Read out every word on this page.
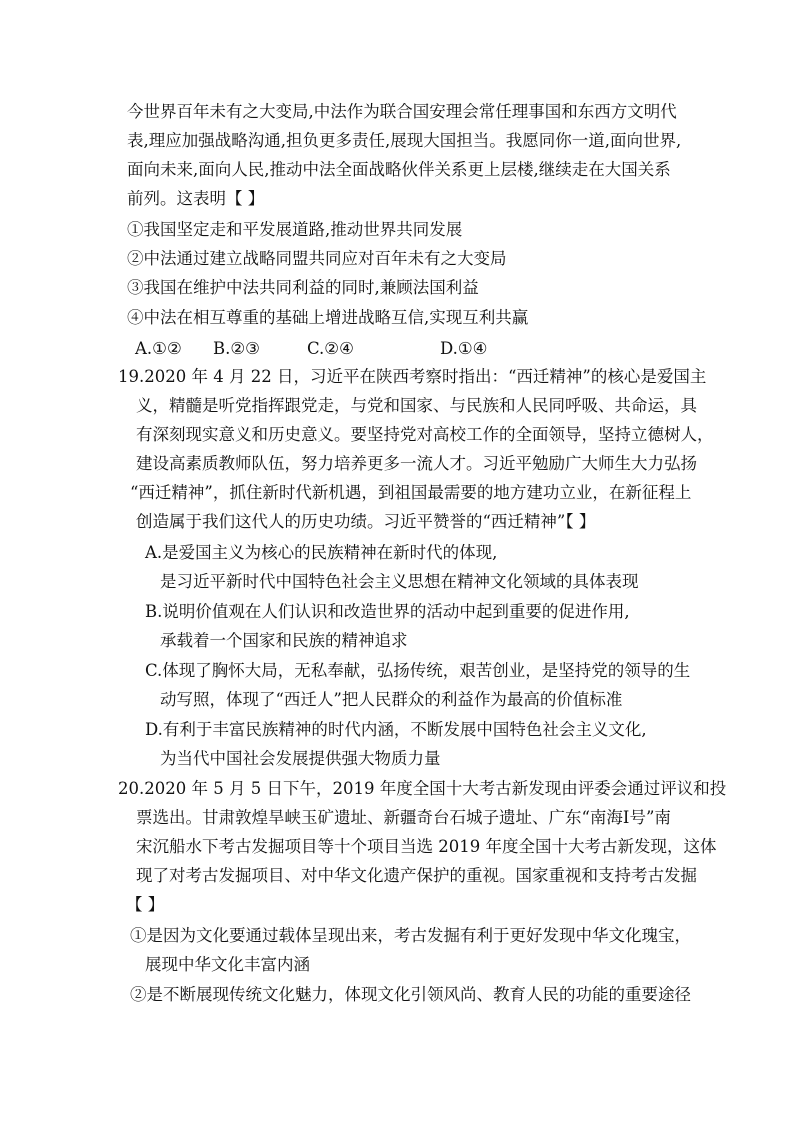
今世界百年未有之大变局,中法作为联合国安理会常任理事国和东西方文明代
表,理应加强战略沟通,担负更多责任,展现大国担当。我愿同你一道,面向世界,
面向未来,面向人民,推动中法全面战略伙伴关系更上层楼,继续走在大国关系
前列。这表明【 】
①我国坚定走和平发展道路,推动世界共同发展
②中法通过建立战略同盟共同应对百年未有之大变局
③我国在维护中法共同利益的同时,兼顾法国利益
④中法在相互尊重的基础上增进战略互信,实现互利共赢
A.①② B.②③	C.②④	D.①④
19.2020 年 4 月 22 日，习近平在陕西考察时指出：“西迁精神”的核心是爱国主
义，精髓是听党指挥跟党走，与党和国家、与民族和人民同呼吸、共命运，具
有深刻现实意义和历史意义。要坚持党对高校工作的全面领导，坚持立德树人，
建设高素质教师队伍，努力培养更多一流人才。习近平勉励广大师生大力弘扬
“西迁精神”，抓住新时代新机遇，到祖国最需要的地方建功立业，在新征程上
创造属于我们这代人的历史功绩。习近平赞誉的“西迁精神”【 】
A.是爱国主义为核心的民族精神在新时代的体现,
是习近平新时代中国特色社会主义思想在精神文化领域的具体表现
B.说明价值观在人们认识和改造世界的活动中起到重要的促进作用,
承载着一个国家和民族的精神追求
C.体现了胸怀大局，无私奉献，弘扬传统，艰苦创业，是坚持党的领导的生
动写照，体现了“西迁人”把人民群众的利益作为最高的价值标准
D.有利于丰富民族精神的时代内涵，不断发展中国特色社会主义文化,
为当代中国社会发展提供强大物质力量
20.2020 年 5 月 5 日下午，2019 年度全国十大考古新发现由评委会通过评议和投
票选出。甘肃敦煌旱峡玉矿遗址、新疆奇台石城子遗址、广东“南海Ⅰ号”南
宋沉船水下考古发掘项目等十个项目当选 2019 年度全国十大考古新发现，这体
现了对考古发掘项目、对中华文化遗产保护的重视。国家重视和支持考古发掘
【 】
①是因为文化要通过载体呈现出来，考古发掘有利于更好发现中华文化瑰宝，
展现中华文化丰富内涵
②是不断展现传统文化魅力，体现文化引领风尚、教育人民的功能的重要途径
